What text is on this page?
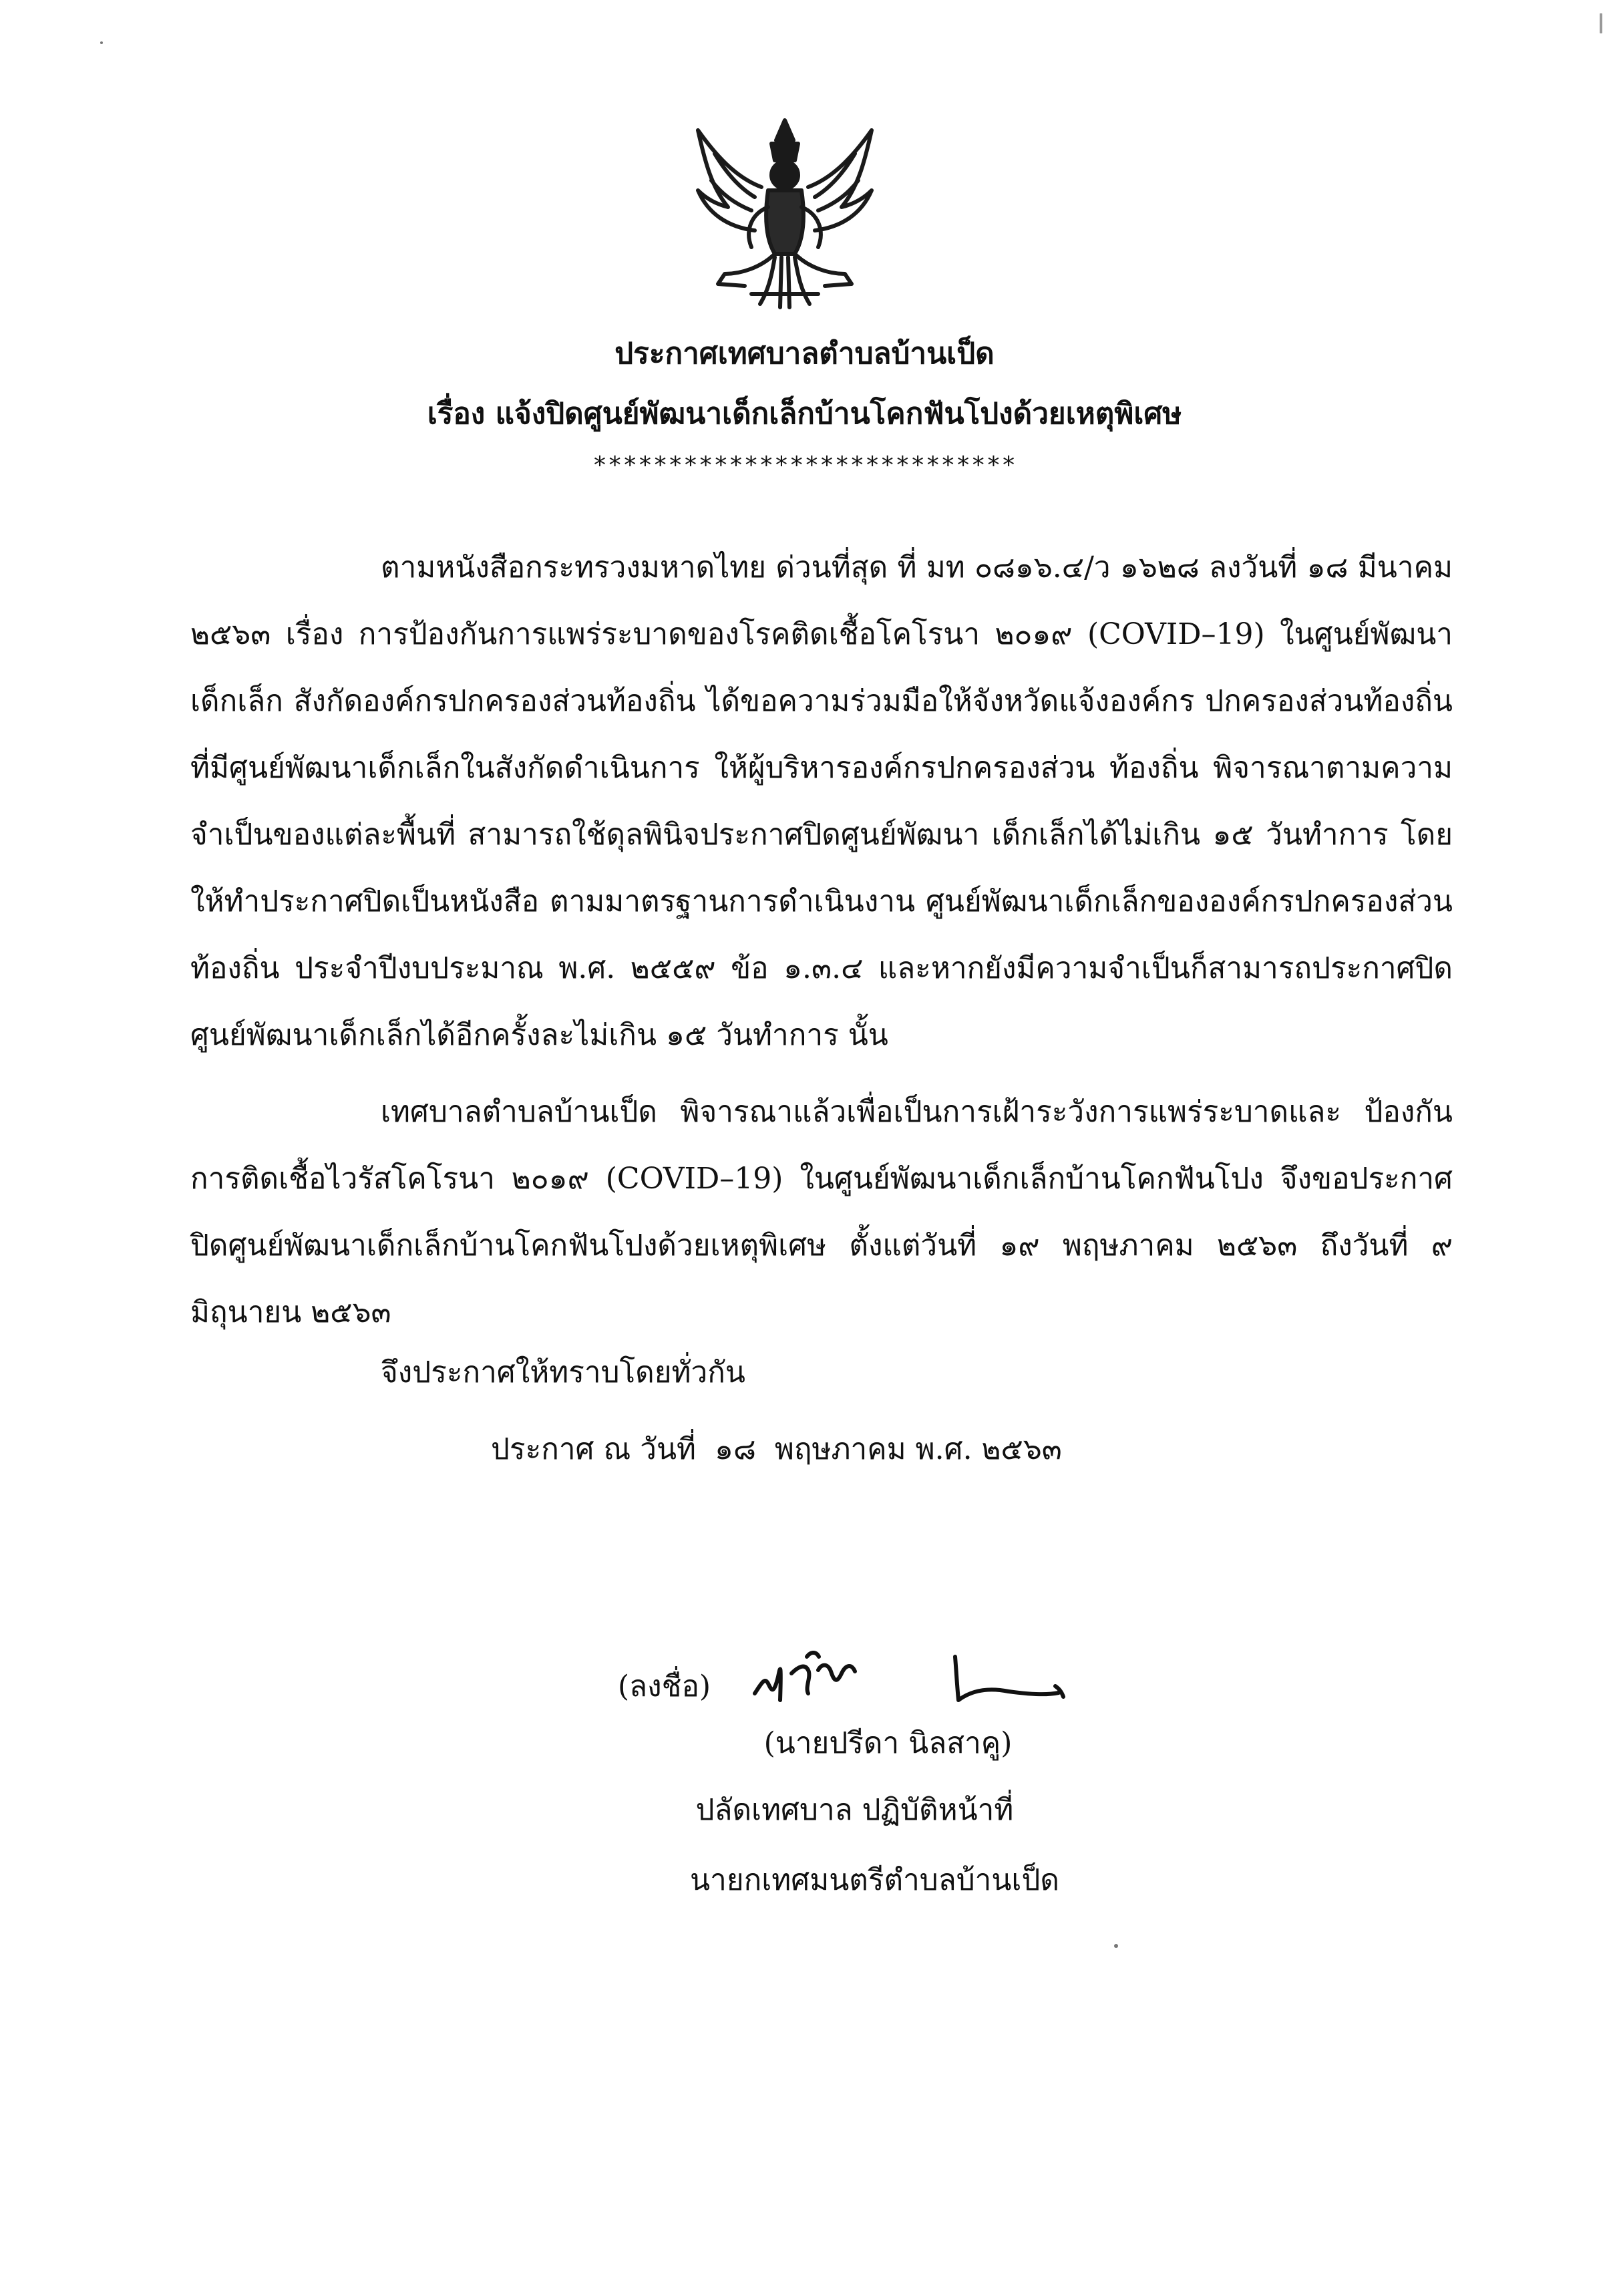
ประกาศเทศบาลตำบลบ้านเป็ด
เรื่อง แจ้งปิดศูนย์พัฒนาเด็กเล็กบ้านโคกฟันโปงด้วยเหตุพิเศษ
****************************

ตามหนังสือกระทรวงมหาดไทย ด่วนที่สุด ที่ มท ๐๘๑๖.๔/ว ๑๖๒๘ ลงวันที่ ๑๘ มีนาคม ๒๕๖๓ เรื่อง การป้องกันการแพร่ระบาดของโรคติดเชื้อโคโรนา ๒๐๑๙ (COVID–19) ในศูนย์พัฒนาเด็กเล็ก สังกัดองค์กรปกครองส่วนท้องถิ่น ได้ขอความร่วมมือให้จังหวัดแจ้งองค์กร ปกครองส่วนท้องถิ่น ที่มีศูนย์พัฒนาเด็กเล็กในสังกัดดำเนินการ ให้ผู้บริหารองค์กรปกครองส่วน ท้องถิ่น พิจารณาตามความจำเป็นของแต่ละพื้นที่ สามารถใช้ดุลพินิจประกาศปิดศูนย์พัฒนา เด็กเล็กได้ไม่เกิน ๑๕ วันทำการ โดยให้ทำประกาศปิดเป็นหนังสือ ตามมาตรฐานการดำเนินงาน ศูนย์พัฒนาเด็กเล็กขององค์กรปกครองส่วนท้องถิ่น ประจำปีงบประมาณ พ.ศ. ๒๕๕๙ ข้อ ๑.๓.๔ และหากยังมีความจำเป็นก็สามารถประกาศปิดศูนย์พัฒนาเด็กเล็กได้อีกครั้งละไม่เกิน ๑๕ วันทำการ นั้น

เทศบาลตำบลบ้านเป็ด พิจารณาแล้วเพื่อเป็นการเฝ้าระวังการแพร่ระบาดและ ป้องกันการติดเชื้อไวรัสโคโรนา ๒๐๑๙ (COVID–19) ในศูนย์พัฒนาเด็กเล็กบ้านโคกฟันโปง จึงขอประกาศปิดศูนย์พัฒนาเด็กเล็กบ้านโคกฟันโปงด้วยเหตุพิเศษ ตั้งแต่วันที่ ๑๙ พฤษภาคม ๒๕๖๓ ถึงวันที่ ๙ มิถุนายน ๒๕๖๓

จึงประกาศให้ทราบโดยทั่วกัน
ประกาศ ณ วันที่  ๑๘  พฤษภาคม พ.ศ. ๒๕๖๓
(ลงชื่อ)
(นายปรีดา นิลสาคู)
ปลัดเทศบาล ปฏิบัติหน้าที่
นายกเทศมนตรีตำบลบ้านเป็ด
